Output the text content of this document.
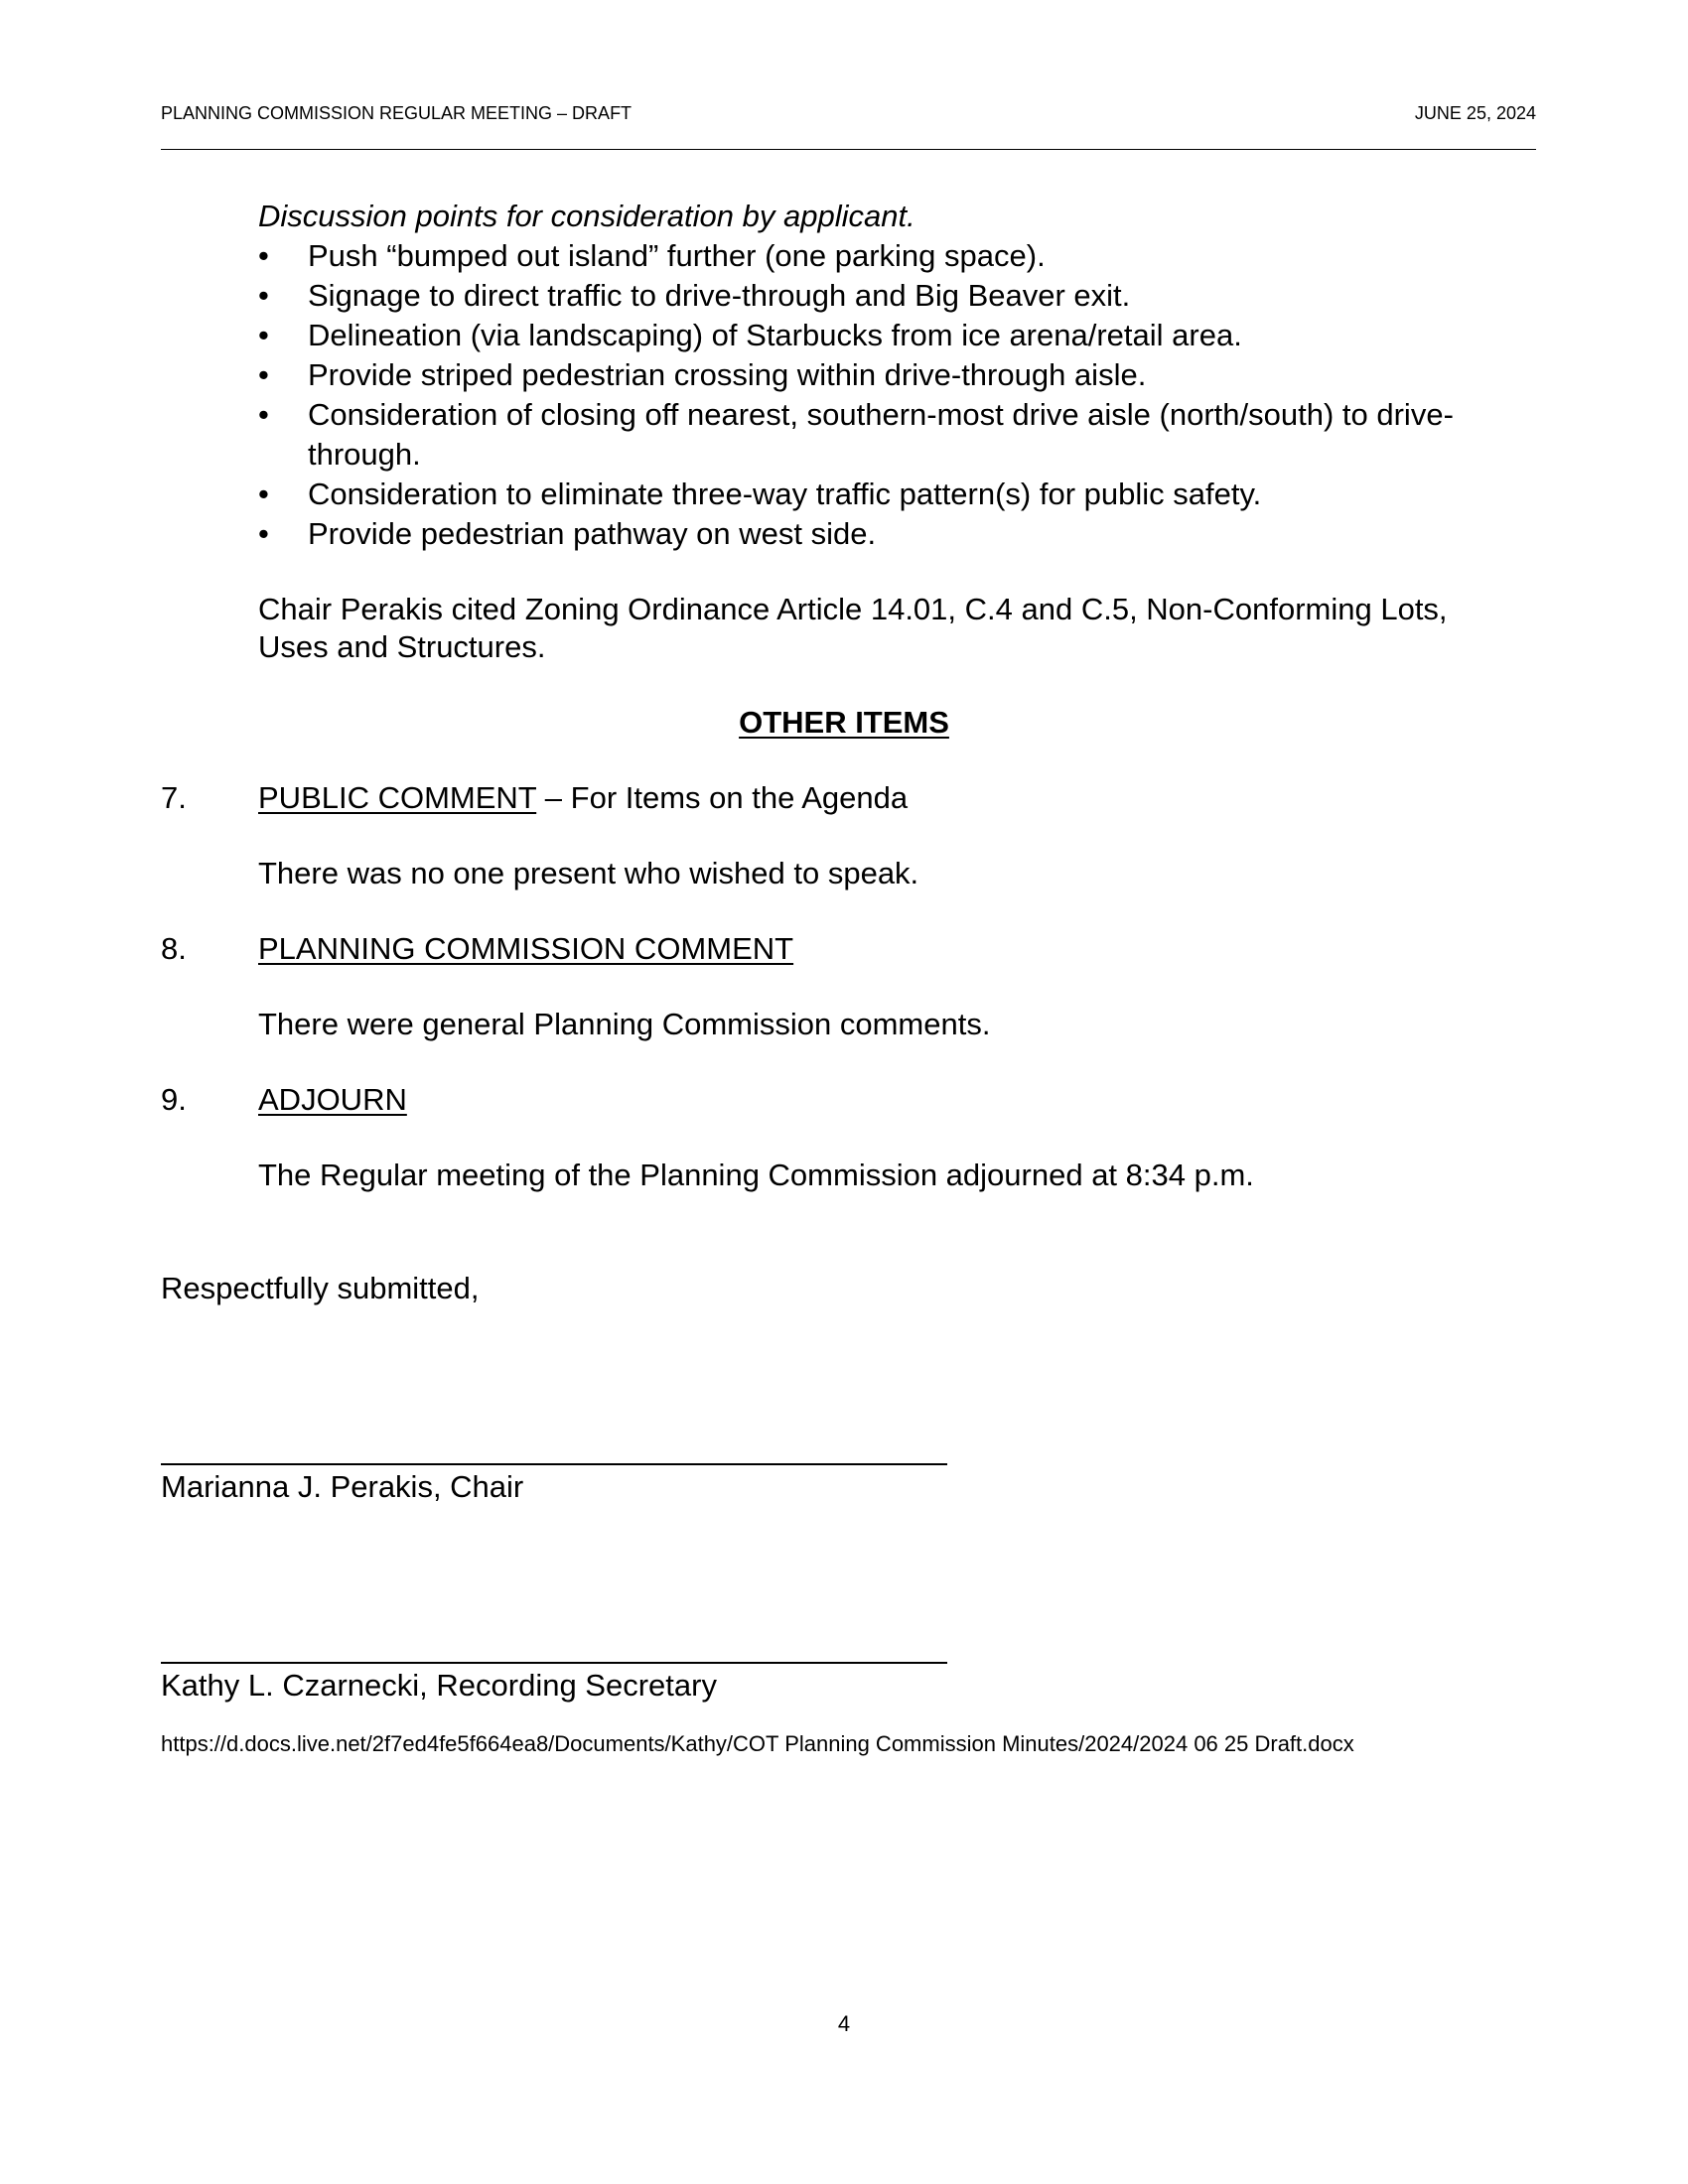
PLANNING COMMISSION REGULAR MEETING – DRAFT	JUNE 25, 2024
Discussion points for consideration by applicant.
• Push “bumped out island” further (one parking space).
• Signage to direct traffic to drive-through and Big Beaver exit.
• Delineation (via landscaping) of Starbucks from ice arena/retail area.
• Provide striped pedestrian crossing within drive-through aisle.
• Consideration of closing off nearest, southern-most drive aisle (north/south) to drive-through.
• Consideration to eliminate three-way traffic pattern(s) for public safety.
• Provide pedestrian pathway on west side.
Chair Perakis cited Zoning Ordinance Article 14.01, C.4 and C.5, Non-Conforming Lots,
Uses and Structures.
OTHER ITEMS
7. PUBLIC COMMENT – For Items on the Agenda
There was no one present who wished to speak.
8. PLANNING COMMISSION COMMENT
There were general Planning Commission comments.
9. ADJOURN
The Regular meeting of the Planning Commission adjourned at 8:34 p.m.
Respectfully submitted,
Marianna J. Perakis, Chair
Kathy L. Czarnecki, Recording Secretary
https://d.docs.live.net/2f7ed4fe5f664ea8/Documents/Kathy/COT Planning Commission Minutes/2024/2024 06 25 Draft.docx
4
